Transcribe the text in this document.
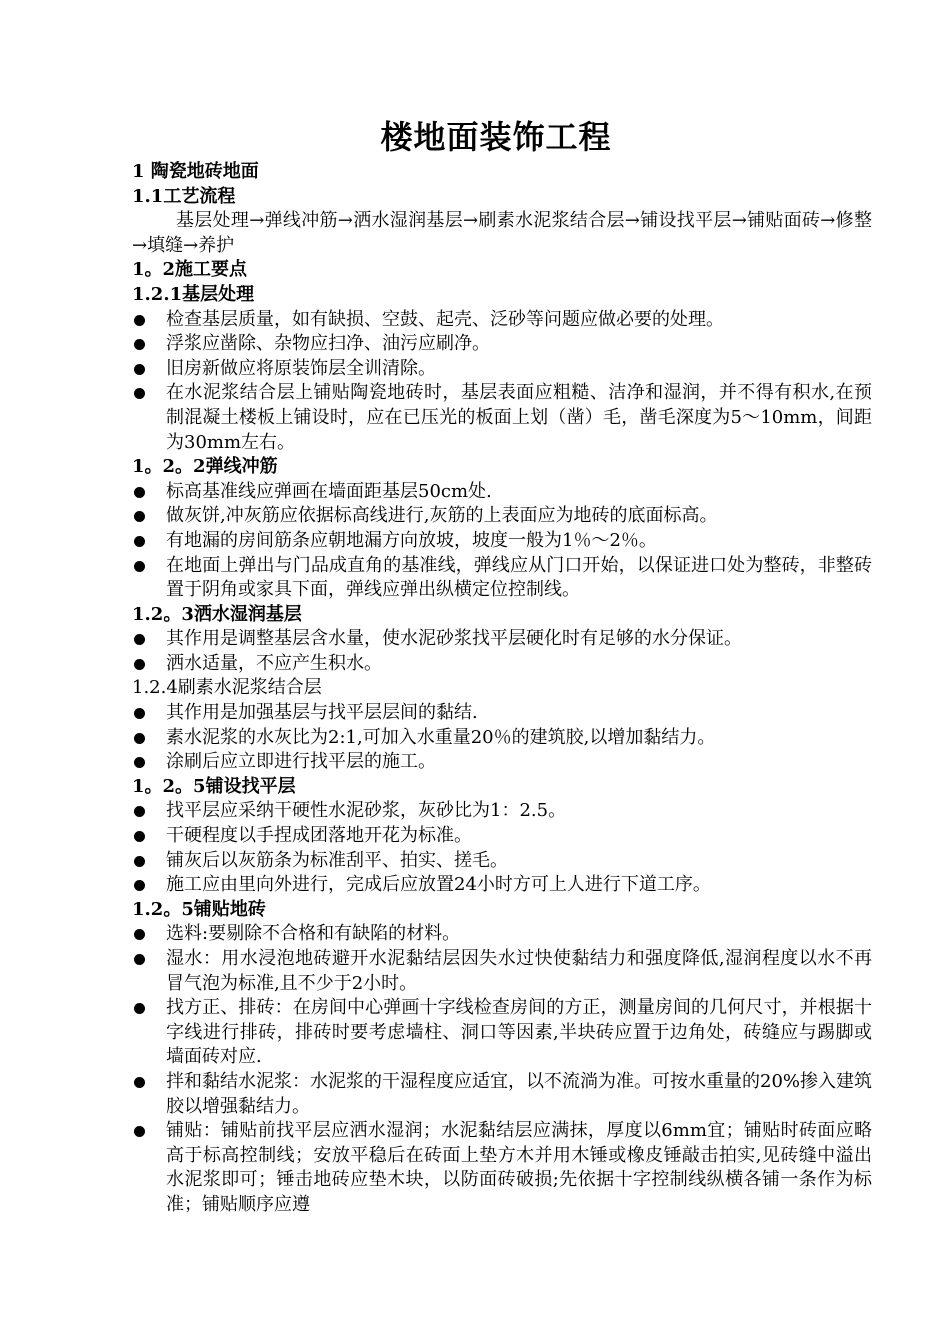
楼地面装饰工程
1 陶瓷地砖地面
1.1工艺流程
基层处理→弹线冲筋→洒水湿润基层→刷素水泥浆结合层→铺设找平层→铺贴面砖→修整→填缝→养护
1。2施工要点
1.2.1基层处理
检查基层质量，如有缺损、空鼓、起壳、泛砂等问题应做必要的处理。
浮浆应凿除、杂物应扫净、油污应刷净。
旧房新做应将原装饰层全训清除。
在水泥浆结合层上铺贴陶瓷地砖时，基层表面应粗糙、洁净和湿润，并不得有积水,在预制混凝土楼板上铺设时，应在已压光的板面上划（凿）毛，凿毛深度为5～10mm，间距为30mm左右。
1。2。2弹线冲筋
标高基准线应弹画在墙面距基层50cm处.
做灰饼,冲灰筋应依据标高线进行,灰筋的上表面应为地砖的底面标高。
有地漏的房间筋条应朝地漏方向放坡，坡度一般为1％～2％。
在地面上弹出与门品成直角的基准线，弹线应从门口开始，以保证进口处为整砖，非整砖置于阴角或家具下面，弹线应弹出纵横定位控制线。
1.2。3洒水湿润基层
其作用是调整基层含水量，使水泥砂浆找平层硬化时有足够的水分保证。
洒水适量，不应产生积水。
1.2.4刷素水泥浆结合层
其作用是加强基层与找平层层间的黏结.
素水泥浆的水灰比为2:1,可加入水重量20％的建筑胶,以增加黏结力。
涂刷后应立即进行找平层的施工。
1。2。5铺设找平层
找平层应采纳干硬性水泥砂浆，灰砂比为1：2.5。
干硬程度以手捏成团落地开花为标准。
铺灰后以灰筋条为标准刮平、拍实、搓毛。
施工应由里向外进行，完成后应放置24小时方可上人进行下道工序。
1.2。5铺贴地砖
选料:要剔除不合格和有缺陷的材料。
湿水：用水浸泡地砖避开水泥黏结层因失水过快使黏结力和强度降低,湿润程度以水不再冒气泡为标准,且不少于2小时。
找方正、排砖：在房间中心弹画十字线检查房间的方正，测量房间的几何尺寸，并根据十字线进行排砖，排砖时要考虑墙柱、洞口等因素,半块砖应置于边角处，砖缝应与踢脚或墙面砖对应.
拌和黏结水泥浆：水泥浆的干湿程度应适宜，以不流淌为准。可按水重量的20%掺入建筑胶以增强黏结力。
铺贴：铺贴前找平层应洒水湿润；水泥黏结层应满抹，厚度以6mm宜；铺贴时砖面应略高于标高控制线；安放平稳后在砖面上垫方木并用木锤或橡皮锤敲击拍实,见砖缝中溢出水泥浆即可；锤击地砖应垫木块，以防面砖破损;先依据十字控制线纵横各铺一条作为标准；铺贴顺序应遵
